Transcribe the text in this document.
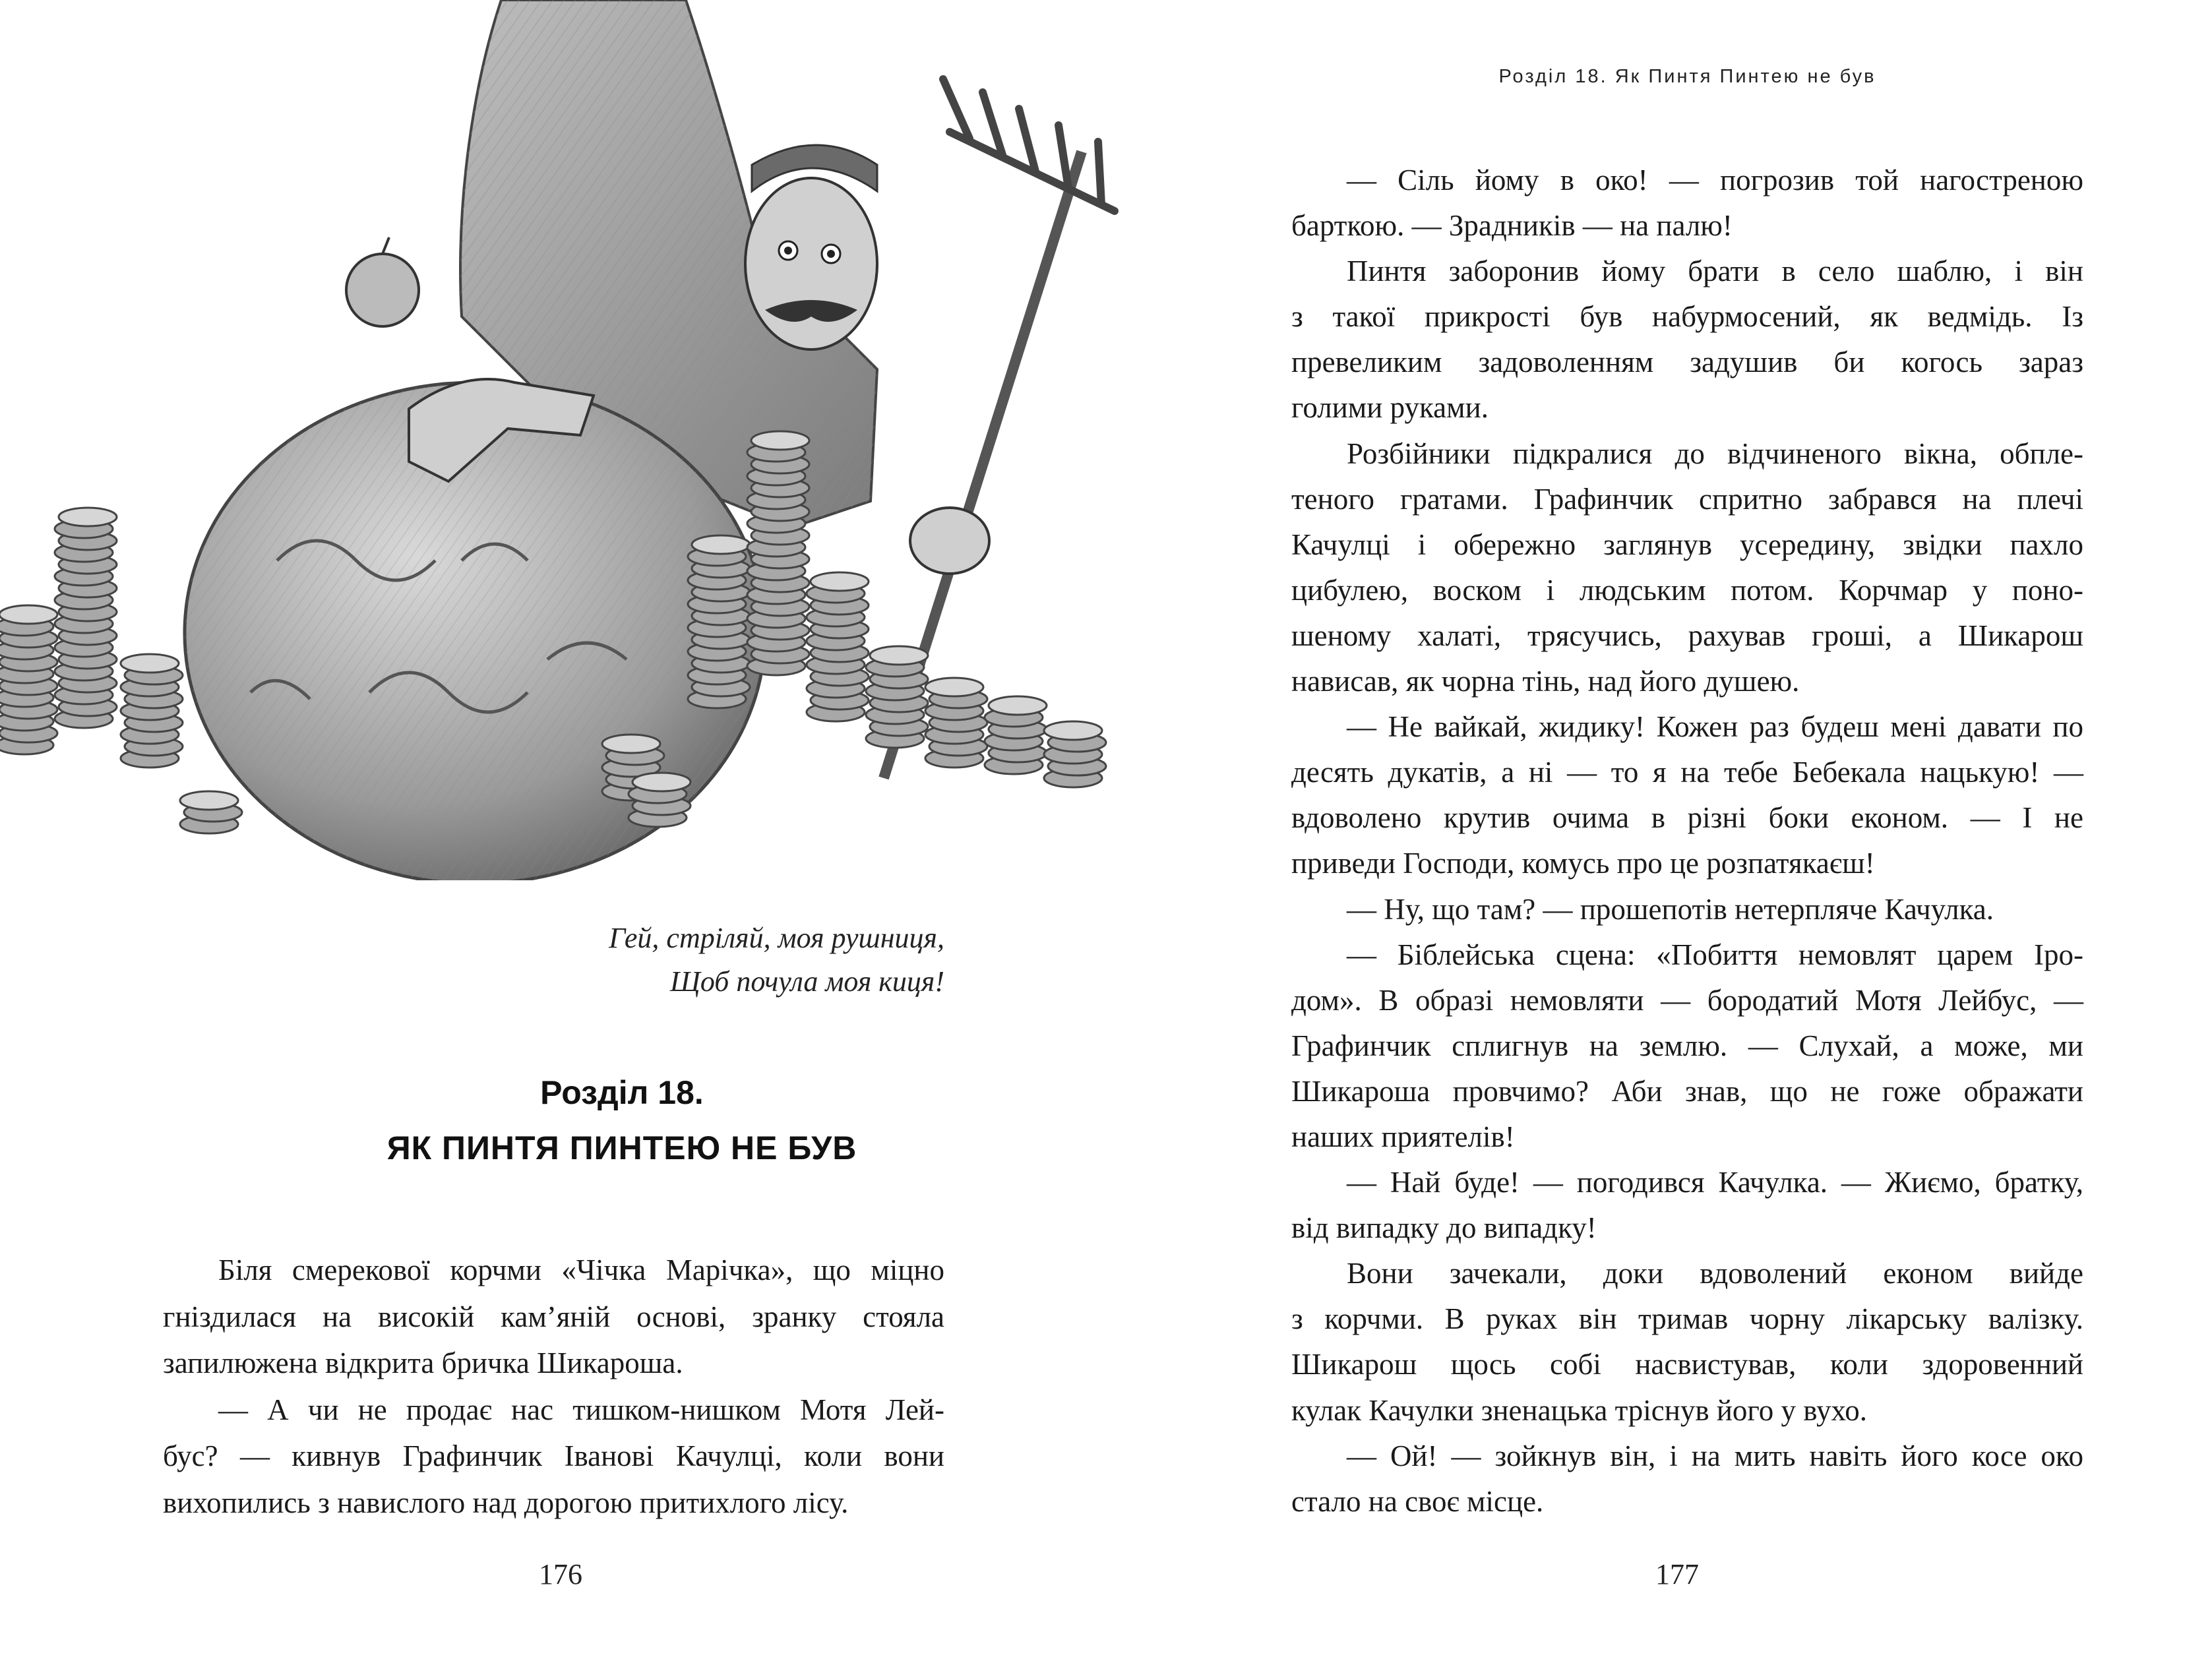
Гей, стріляй, моя рушниця,
Щоб почула моя киця!
Розділ 18.
ЯК ПИНТЯ ПИНТЕЮ НЕ БУВ
Біля смерекової корчми «Чічка Марічка», що міцно
гніздилася на високій кам’яній основі, зранку стояла
запилюжена відкрита бричка Шикароша.
— А чи не продає нас тишком-нишком Мотя Лей-
бус? — кивнув Графинчик Іванові Качулці, коли вони
вихопились з навислого над дорогою притихлого лісу.
176
Розділ 18. Як Пинтя Пинтею не був
— Сіль йому в око! — погрозив той нагостреною
барткою. — Зрадників — на палю!
Пинтя заборонив йому брати в село шаблю, і він
з такої прикрості був набурмосений, як ведмідь. Із
превеликим задоволенням задушив би когось зараз
голими руками.
Розбійники підкралися до відчиненого вікна, обпле-
теного гратами. Графинчик спритно забрався на плечі
Качулці і обережно заглянув усередину, звідки пахло
цибулею, воском і людським потом. Корчмар у поно-
шеному халаті, трясучись, рахував гроші, а Шикарош
нависав, як чорна тінь, над його душею.
— Не вайкай, жидику! Кожен раз будеш мені давати по
десять дукатів, а ні — то я на тебе Бебекала нацькую! —
вдоволено крутив очима в різні боки економ. — І не
приведи Господи, комусь про це розпатякаєш!
— Ну, що там? — прошепотів нетерпляче Качулка.
— Біблейська сцена: «Побиття немовлят царем Іро-
дом». В образі немовляти — бородатий Мотя Лейбус, —
Графинчик сплигнув на землю. — Слухай, а може, ми
Шикароша провчимо? Аби знав, що не гоже ображати
наших приятелів!
— Най буде! — погодився Качулка. — Жиємо, братку,
від випадку до випадку!
Вони зачекали, доки вдоволений економ вийде
з корчми. В руках він тримав чорну лікарську валізку.
Шикарош щось собі насвистував, коли здоровенний
кулак Качулки зненацька тріснув його у вухо.
— Ой! — зойкнув він, і на мить навіть його косе око
стало на своє місце.
177
